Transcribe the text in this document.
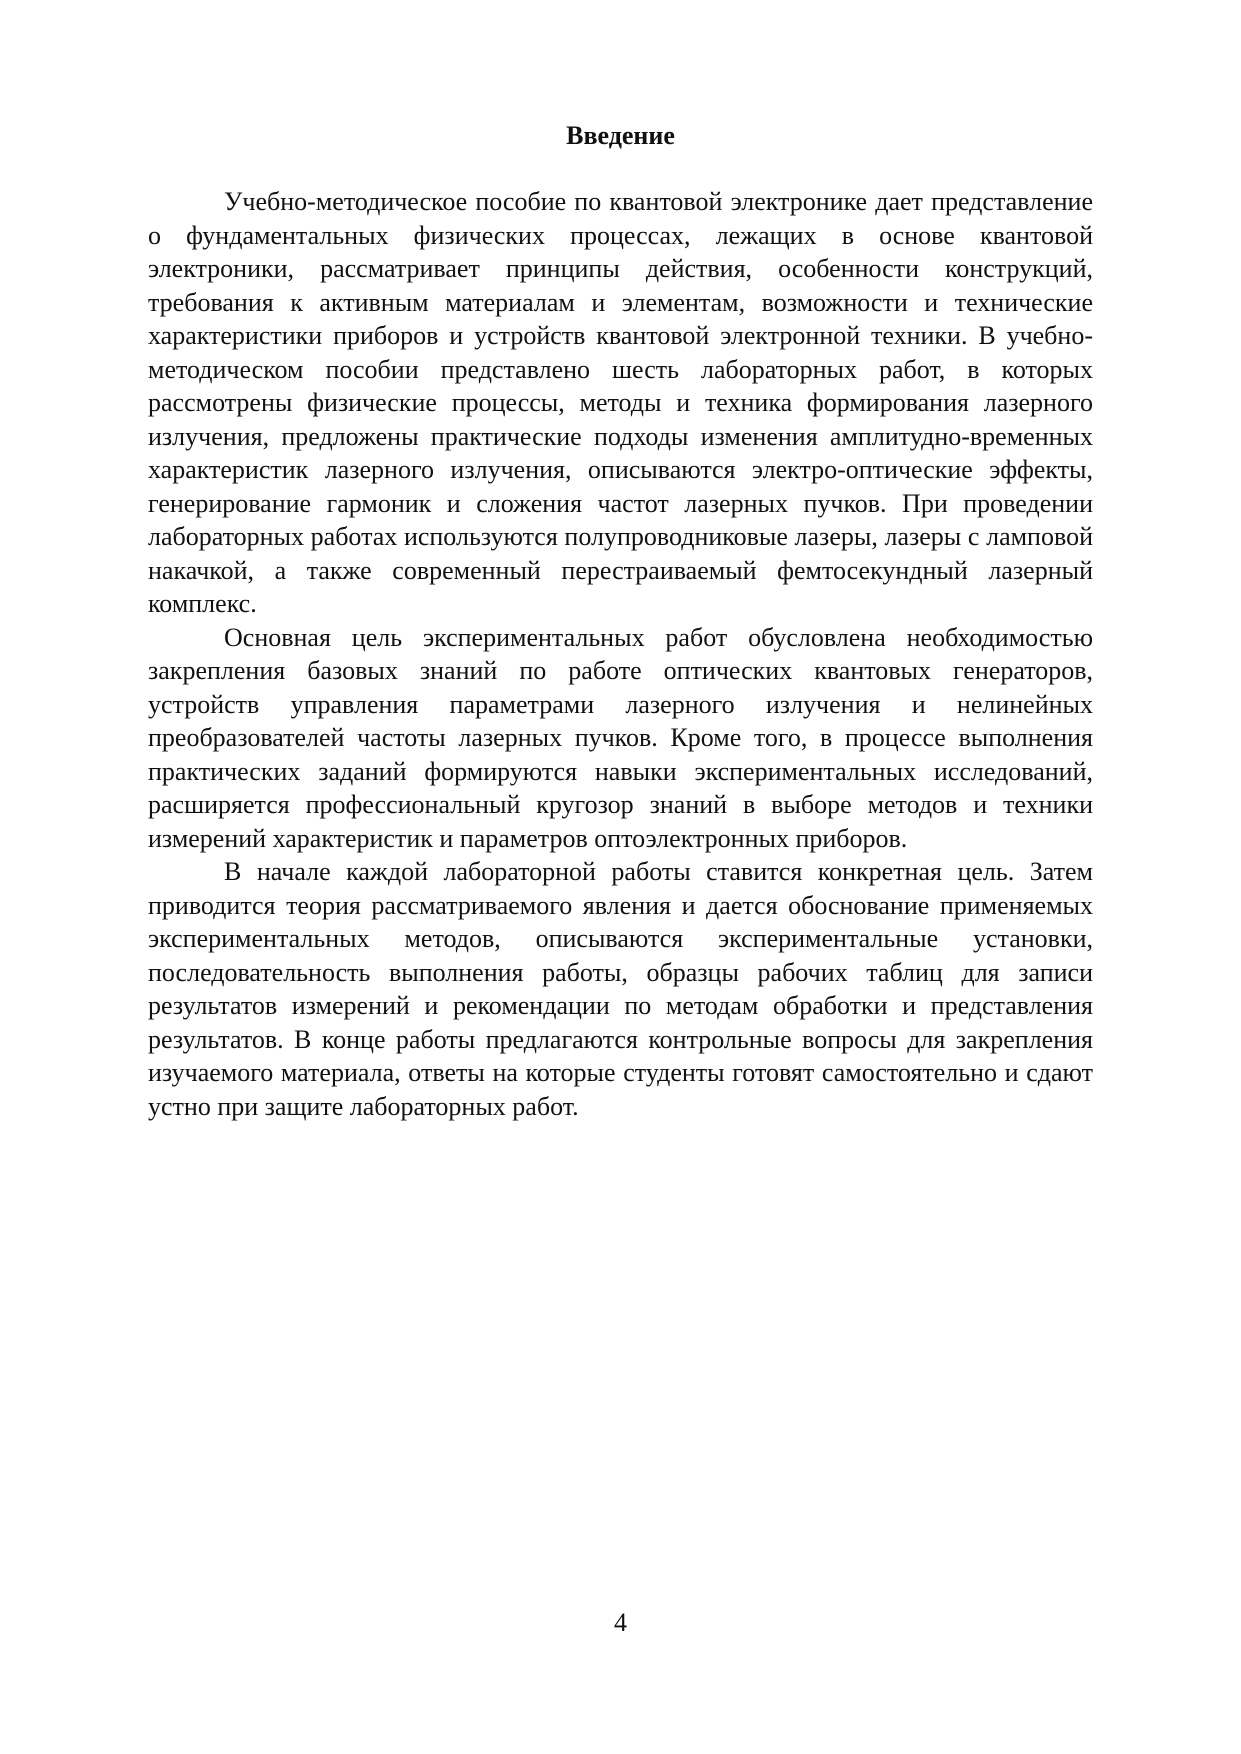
Введение

Учебно-методическое пособие по квантовой электронике дает представление о фундаментальных физических процессах, лежащих в основе квантовой электроники, рассматривает принципы действия, особенности конструкций, требования к активным материалам и элементам, возможности и технические характеристики приборов и устройств квантовой электронной техники. В учебно-методическом пособии представлено шесть лабораторных работ, в которых рассмотрены физические процессы, методы и техника формирования лазерного излучения, предложены практические подходы изменения амплитудно-временных характеристик лазерного излучения, описываются электро-оптические эффекты, генерирование гармоник и сложения частот лазерных пучков. При проведении лабораторных работах используются полупроводниковые лазеры, лазеры с ламповой накачкой, а также современный перестраиваемый фемтосекундный лазерный комплекс.

Основная цель экспериментальных работ обусловлена необходимостью закрепления базовых знаний по работе оптических квантовых генераторов, устройств управления параметрами лазерного излучения и нелинейных преобразователей частоты лазерных пучков. Кроме того, в процессе выполнения практических заданий формируются навыки экспериментальных исследований, расширяется профессиональный кругозор знаний в выборе методов и техники измерений характеристик и параметров оптоэлектронных приборов.

В начале каждой лабораторной работы ставится конкретная цель. Затем приводится теория рассматриваемого явления и дается обоснование применяемых экспериментальных методов, описываются экспериментальные установки, последовательность выполнения работы, образцы рабочих таблиц для записи результатов измерений и рекомендации по методам обработки и представления результатов. В конце работы предлагаются контрольные вопросы для закрепления изучаемого материала, ответы на которые студенты готовят самостоятельно и сдают устно при защите лабораторных работ.

4
